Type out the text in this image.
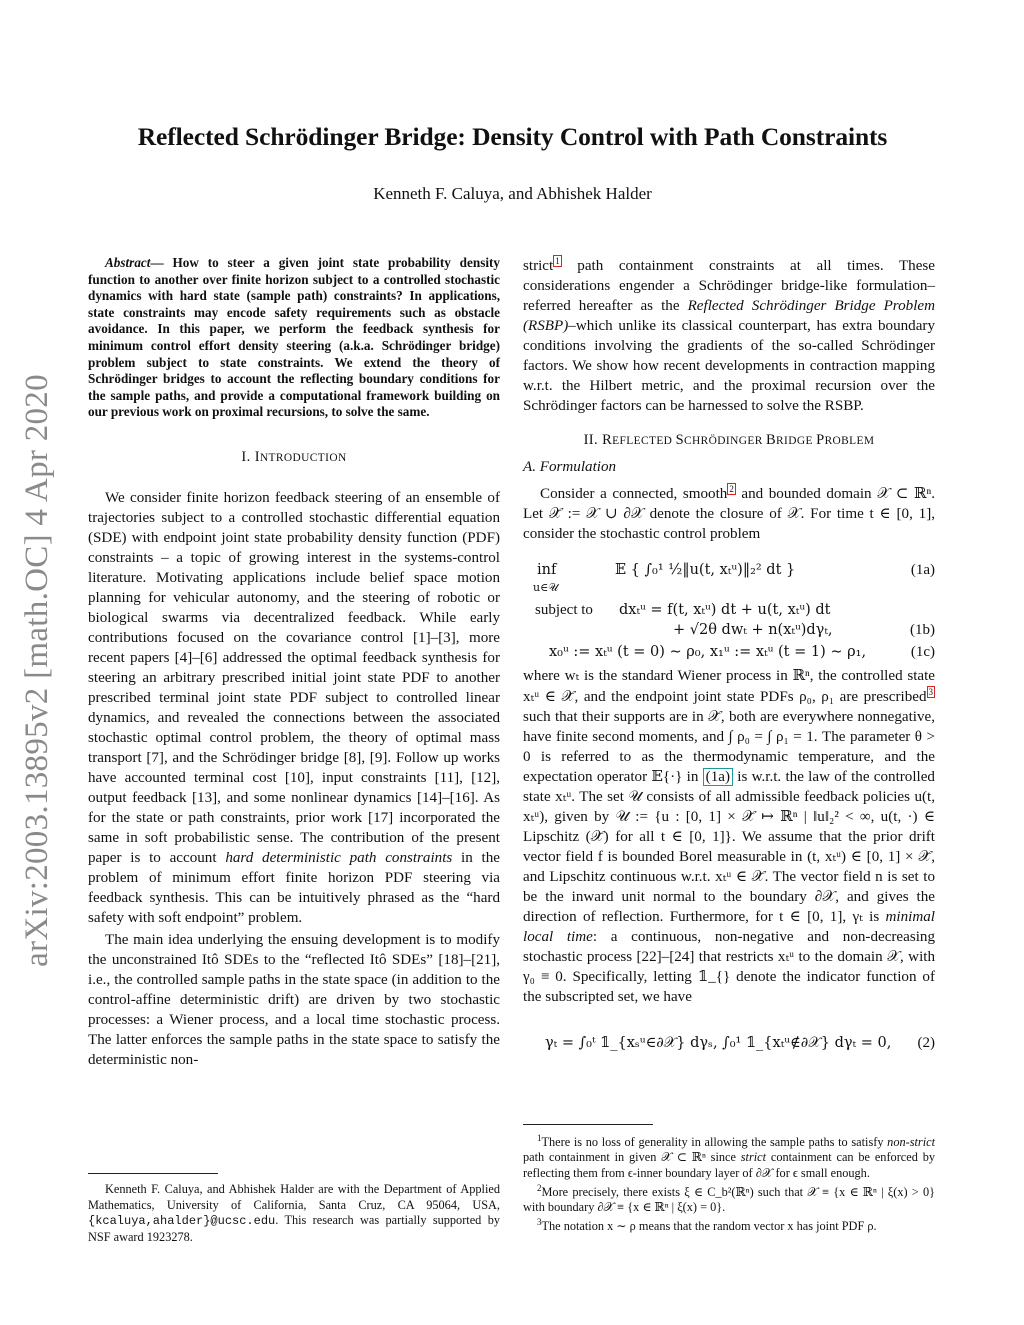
arXiv:2003.13895v2 [math.OC] 4 Apr 2020
Reflected Schrödinger Bridge: Density Control with Path Constraints
Kenneth F. Caluya, and Abhishek Halder

Abstract— How to steer a given joint state probability density function to another over finite horizon subject to a controlled stochastic dynamics with hard state (sample path) constraints? In applications, state constraints may encode safety requirements such as obstacle avoidance. In this paper, we perform the feedback synthesis for minimum control effort density steering (a.k.a. Schrödinger bridge) problem subject to state constraints. We extend the theory of Schrödinger bridges to account the reflecting boundary conditions for the sample paths, and provide a computational framework building on our previous work on proximal recursions, to solve the same.

I. INTRODUCTION

We consider finite horizon feedback steering of an ensemble of trajectories subject to a controlled stochastic differential equation (SDE) with endpoint joint state probability density function (PDF) constraints – a topic of growing interest in the systems-control literature. Motivating applications include belief space motion planning for vehicular autonomy, and the steering of robotic or biological swarms via decentralized feedback. While early contributions focused on the covariance control [1]–[3], more recent papers [4]–[6] addressed the optimal feedback synthesis for steering an arbitrary prescribed initial joint state PDF to another prescribed terminal joint state PDF subject to controlled linear dynamics, and revealed the connections between the associated stochastic optimal control problem, the theory of optimal mass transport [7], and the Schrödinger bridge [8], [9]. Follow up works have accounted terminal cost [10], input constraints [11], [12], output feedback [13], and some nonlinear dynamics [14]–[16]. As for the state or path constraints, prior work [17] incorporated the same in soft probabilistic sense. The contribution of the present paper is to account hard deterministic path constraints in the problem of minimum effort finite horizon PDF steering via feedback synthesis. This can be intuitively phrased as the “hard safety with soft endpoint” problem.

The main idea underlying the ensuing development is to modify the unconstrained Itô SDEs to the “reflected Itô SDEs” [18]–[21], i.e., the controlled sample paths in the state space (in addition to the control-affine deterministic drift) are driven by two stochastic processes: a Wiener process, and a local time stochastic process. The latter enforces the sample paths in the state space to satisfy the deterministic non-

Kenneth F. Caluya, and Abhishek Halder are with the Department of Applied Mathematics, University of California, Santa Cruz, CA 95064, USA, {kcaluya,ahalder}@ucsc.edu. This research was partially supported by NSF award 1923278.

strict $^1$ path containment constraints at all times. These considerations engender a Schrödinger bridge-like formulation–referred hereafter as the Reflected Schrödinger Bridge Problem (RSBP)–which unlike its classical counterpart, has extra boundary conditions involving the gradients of the so-called Schrödinger factors. We show how recent developments in contraction mapping w.r.t. the Hilbert metric, and the proximal recursion over the Schrödinger factors can be harnessed to solve the RSBP.

II. REFLECTED SCHRÖDINGER BRIDGE PROBLEM
A. Formulation

Consider a connected, smooth $^2$ and bounded domain 𝒳 ⊂ ℝⁿ. Let 𝒳̄ := 𝒳 ∪ ∂𝒳 denote the closure of 𝒳. For time t ∈ [0, 1], consider the stochastic control problem

inf
u∈𝒰
𝔼 { ∫₀¹ ½‖u(t, xₜᵘ)‖₂² dt }	(1a)
subject to dxₜᵘ = f(t, xₜᵘ) dt + u(t, xₜᵘ) dt
+ √2θ dwₜ + n(xₜᵘ)dγₜ,	(1b)
x₀ᵘ := xₜᵘ (t = 0) ∼ ρ₀, x₁ᵘ := xₜᵘ (t = 1) ∼ ρ₁,	(1c)

where wₜ is the standard Wiener process in ℝⁿ, the controlled state xₜᵘ ∈ 𝒳̄, and the endpoint joint state PDFs ρ₀, ρ₁ are prescribed $^3$ such that their supports are in 𝒳̄, both are everywhere nonnegative, have finite second moments, and ∫ ρ₀ = ∫ ρ₁ = 1. The parameter θ > 0 is referred to as the thermodynamic temperature, and the expectation operator 𝔼{·} in (1a) is w.r.t. the law of the controlled state xₜᵘ. The set 𝒰 consists of all admissible feedback policies u(t, xₜᵘ), given by 𝒰 := {u : [0, 1] × 𝒳̄ ↦ ℝⁿ | ‖u‖₂² < ∞, u(t, ·) ∈ Lipschitz (𝒳̄) for all t ∈ [0, 1]}. We assume that the prior drift vector field f is bounded Borel measurable in (t, xₜᵘ) ∈ [0, 1] × 𝒳̄, and Lipschitz continuous w.r.t. xₜᵘ ∈ 𝒳̄. The vector field n is set to be the inward unit normal to the boundary ∂𝒳, and gives the direction of reflection. Furthermore, for t ∈ [0, 1], γₜ is minimal local time: a continuous, non-negative and non-decreasing stochastic process [22]–[24] that restricts xₜᵘ to the domain 𝒳, with γ₀ ≡ 0. Specifically, letting 𝟙_{} denote the indicator function of the subscripted set, we have

γₜ = ∫₀ᵗ 𝟙_{xₛᵘ∈∂𝒳} dγₛ, ∫₀¹ 𝟙_{xₜᵘ∉∂𝒳} dγₜ = 0, (2)

$^1$There is no loss of generality in allowing the sample paths to satisfy non-strict path containment in given 𝒳 ⊂ ℝⁿ since strict containment can be enforced by reflecting them from ϵ-inner boundary layer of ∂𝒳 for ϵ small enough.

$^2$More precisely, there exists ξ ∈ C_b²(ℝⁿ) such that 𝒳 ≡ {x ∈ ℝⁿ | ξ(x) > 0} with boundary ∂𝒳 ≡ {x ∈ ℝⁿ | ξ(x) = 0}.

$^3$The notation x ∼ ρ means that the random vector x has joint PDF ρ.
